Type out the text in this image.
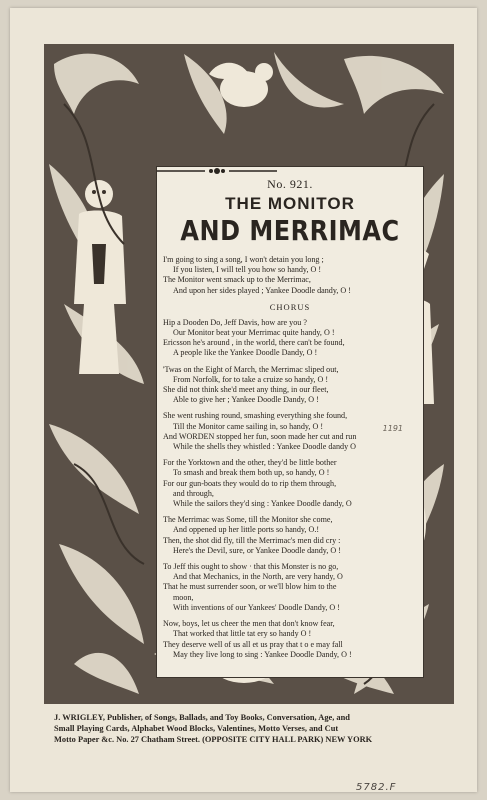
No. 921.
THE MONITOR
AND MERRIMAC
I'm going to sing a song, I won't detain you long ;
If you listen, I will tell you how so handy, O !
The Monitor went smack up to the Merrimac,
And upon her sides played ; Yankee Doodle dandy, O !
CHORUS
Hip a Dooden Do, Jeff Davis, how are you ?
Our Monitor beat your Merrimac quite handy, O !
Ericsson he's around , in the world, there can't be found,
A people like the Yankee Doodle Dandy, O !
'Twas on the Eight of March, the Merrimac sliped out,
From Norfolk, for to take a cruize so handy, O !
She did not think she'd meet any thing, in our fleet,
Able to give her ; Yankee Doodle Dandy, O !
She went rushing round, smashing everything she found,
Till the Monitor came sailing in, so handy, O !
And WORDEN stopped her fun, soon made her cut and run
While the shells they whistled : Yankee Doodle dandy O
For the Yorktown and the other, they'd be little bother
To smash and break them both up, so handy, O !
For our gun-boats they would do to rip them through,
and through,
While the sailors they'd sing : Yankee Doodle dandy, O
The Merrimac was Some, till the Monitor she come,
And oppened up her little ports so handy, O.!
Then, the shot did fly, till the Merrimac's men did cry :
Here's the Devil, sure, or Yankee Doodle dandy, O !
To Jeff this ought to show · that this Monster is no go,
And that Mechanics, in the North, are very handy, O
That he must surrender soon, or we'll blow him to the
moon,
With inventions of our Yankees' Doodle Dandy, O !
Now, boys, let us cheer the men that don't know fear,
That worked that little tat ery so handy O !
They deserve well of us all et us pray that t o e may fall
May they live long to sing : Yankee Doodle Dandy, O !
1191
J. WRIGLEY, Publisher, of Songs, Ballads, and Toy Books, Conversation, Age, and
Small Playing Cards, Alphabet Wood Blocks, Valentines, Motto Verses, and Cut
Motto Paper &c. No. 27 Chatham Street. (OPPOSITE CITY HALL PARK) NEW YORK
5782.F
